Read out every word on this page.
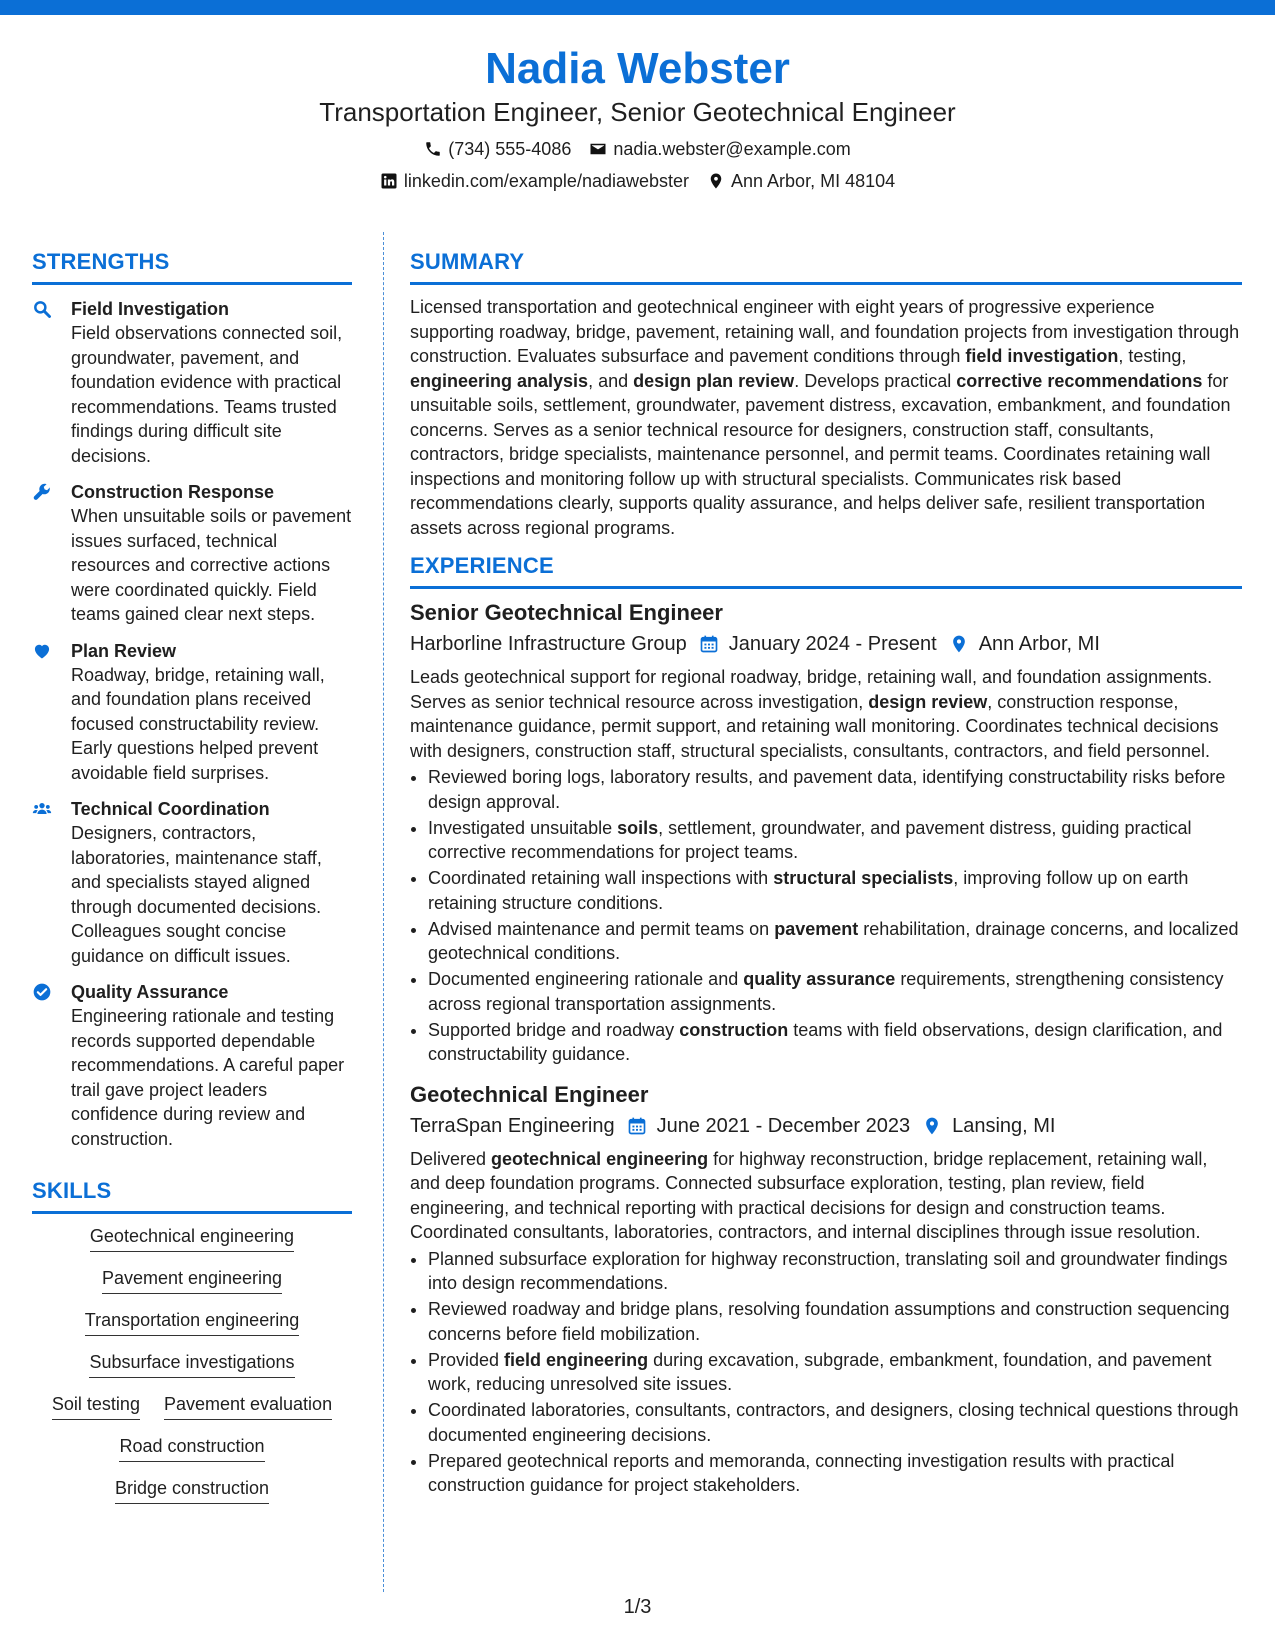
Nadia Webster
Transportation Engineer, Senior Geotechnical Engineer
(734) 555-4086 nadia.webster@example.com
linkedin.com/example/nadiawebster Ann Arbor, MI 48104
STRENGTHS
Field Investigation
Field observations connected soil, groundwater, pavement, and foundation evidence with practical recommendations. Teams trusted findings during difficult site decisions.
Construction Response
When unsuitable soils or pavement issues surfaced, technical resources and corrective actions were coordinated quickly. Field teams gained clear next steps.
Plan Review
Roadway, bridge, retaining wall, and foundation plans received focused constructability review. Early questions helped prevent avoidable field surprises.
Technical Coordination
Designers, contractors, laboratories, maintenance staff, and specialists stayed aligned through documented decisions. Colleagues sought concise guidance on difficult issues.
Quality Assurance
Engineering rationale and testing records supported dependable recommendations. A careful paper trail gave project leaders confidence during review and construction.
SKILLS
Geotechnical engineering
Pavement engineering
Transportation engineering
Subsurface investigations
Soil testing Pavement evaluation
Road construction
Bridge construction
SUMMARY
Licensed transportation and geotechnical engineer with eight years of progressive experience supporting roadway, bridge, pavement, retaining wall, and foundation projects from investigation through construction. Evaluates subsurface and pavement conditions through field investigation, testing, engineering analysis, and design plan review. Develops practical corrective recommendations for unsuitable soils, settlement, groundwater, pavement distress, excavation, embankment, and foundation concerns. Serves as a senior technical resource for designers, construction staff, consultants, contractors, bridge specialists, maintenance personnel, and permit teams. Coordinates retaining wall inspections and monitoring follow up with structural specialists. Communicates risk based recommendations clearly, supports quality assurance, and helps deliver safe, resilient transportation assets across regional programs.
EXPERIENCE
Senior Geotechnical Engineer
Harborline Infrastructure Group January 2024 - Present Ann Arbor, MI
Leads geotechnical support for regional roadway, bridge, retaining wall, and foundation assignments. Serves as senior technical resource across investigation, design review, construction response, maintenance guidance, permit support, and retaining wall monitoring. Coordinates technical decisions with designers, construction staff, structural specialists, consultants, contractors, and field personnel.
• Reviewed boring logs, laboratory results, and pavement data, identifying constructability risks before design approval.
• Investigated unsuitable soils, settlement, groundwater, and pavement distress, guiding practical corrective recommendations for project teams.
• Coordinated retaining wall inspections with structural specialists, improving follow up on earth retaining structure conditions.
• Advised maintenance and permit teams on pavement rehabilitation, drainage concerns, and localized geotechnical conditions.
• Documented engineering rationale and quality assurance requirements, strengthening consistency across regional transportation assignments.
• Supported bridge and roadway construction teams with field observations, design clarification, and constructability guidance.
Geotechnical Engineer
TerraSpan Engineering June 2021 - December 2023 Lansing, MI
Delivered geotechnical engineering for highway reconstruction, bridge replacement, retaining wall, and deep foundation programs. Connected subsurface exploration, testing, plan review, field engineering, and technical reporting with practical decisions for design and construction teams. Coordinated consultants, laboratories, contractors, and internal disciplines through issue resolution.
• Planned subsurface exploration for highway reconstruction, translating soil and groundwater findings into design recommendations.
• Reviewed roadway and bridge plans, resolving foundation assumptions and construction sequencing concerns before field mobilization.
• Provided field engineering during excavation, subgrade, embankment, foundation, and pavement work, reducing unresolved site issues.
• Coordinated laboratories, consultants, contractors, and designers, closing technical questions through documented engineering decisions.
• Prepared geotechnical reports and memoranda, connecting investigation results with practical construction guidance for project stakeholders.
1/3
